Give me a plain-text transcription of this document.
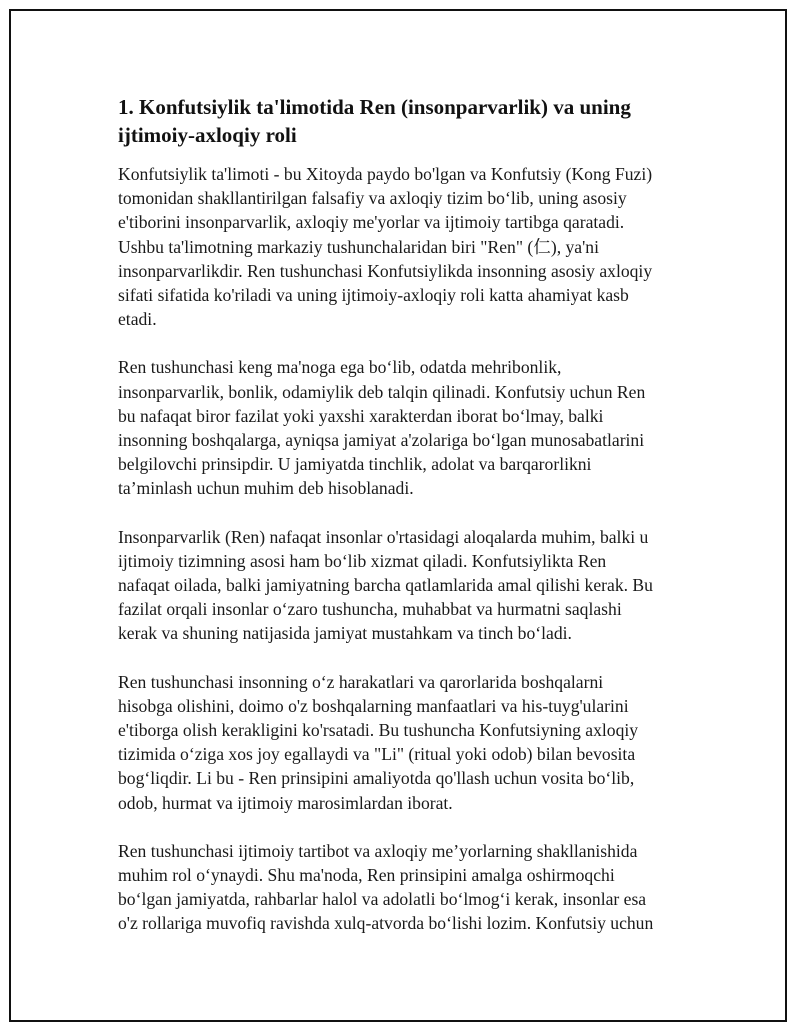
1. Konfutsiylik ta'limotida Ren (insonparvarlik) va uning
ijtimoiy-axloqiy roli

Konfutsiylik ta'limoti - bu Xitoyda paydo bo'lgan va Konfutsiy (Kong Fuzi)
tomonidan shakllantirilgan falsafiy va axloqiy tizim boʻlib, uning asosiy
e'tiborini insonparvarlik, axloqiy me'yorlar va ijtimoiy tartibga qaratadi.
Ushbu ta'limotning markaziy tushunchalaridan biri "Ren" (仁), ya'ni
insonparvarlikdir. Ren tushunchasi Konfutsiylikda insonning asosiy axloqiy
sifati sifatida ko'riladi va uning ijtimoiy-axloqiy roli katta ahamiyat kasb
etadi.

Ren tushunchasi keng ma'noga ega boʻlib, odatda mehribonlik,
insonparvarlik, bonlik, odamiylik deb talqin qilinadi. Konfutsiy uchun Ren
bu nafaqat biror fazilat yoki yaxshi xarakterdan iborat boʻlmay, balki
insonning boshqalarga, ayniqsa jamiyat a'zolariga boʻlgan munosabatlarini
belgilovchi prinsipdir. U jamiyatda tinchlik, adolat va barqarorlikni
taʼminlash uchun muhim deb hisoblanadi.

Insonparvarlik (Ren) nafaqat insonlar o'rtasidagi aloqalarda muhim, balki u
ijtimoiy tizimning asosi ham boʻlib xizmat qiladi. Konfutsiylikta Ren
nafaqat oilada, balki jamiyatning barcha qatlamlarida amal qilishi kerak. Bu
fazilat orqali insonlar oʻzaro tushuncha, muhabbat va hurmatni saqlashi
kerak va shuning natijasida jamiyat mustahkam va tinch boʻladi.

Ren tushunchasi insonning oʻz harakatlari va qarorlarida boshqalarni
hisobga olishini, doimo o'z boshqalarning manfaatlari va his-tuyg'ularini
e'tiborga olish kerakligini ko'rsatadi. Bu tushuncha Konfutsiyning axloqiy
tizimida oʻziga xos joy egallaydi va "Li" (ritual yoki odob) bilan bevosita
bogʻliqdir. Li bu - Ren prinsipini amaliyotda qo'llash uchun vosita boʻlib,
odob, hurmat va ijtimoiy marosimlardan iborat.

Ren tushunchasi ijtimoiy tartibot va axloqiy meʼyorlarning shakllanishida
muhim rol oʻynaydi. Shu ma'noda, Ren prinsipini amalga oshirmoqchi
boʻlgan jamiyatda, rahbarlar halol va adolatli boʻlmogʻi kerak, insonlar esa
o'z rollariga muvofiq ravishda xulq-atvorda boʻlishi lozim. Konfutsiy uchun
